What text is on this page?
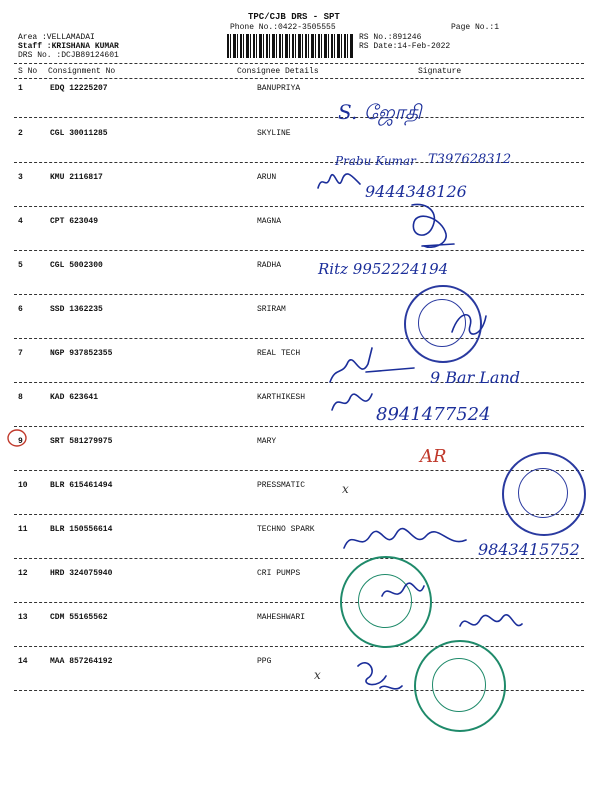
TPC/CJB DRS - SPT
Phone No.:0422-3505555	Page No.:1
Area :VELLAMADAI
Staff :KRISHANA KUMAR
DRS No. :DCJB89124601
RS No.:891246
RS Date:14-Feb-2022
S No Consignment No	Consignee Details	Signature
1	EDQ 12225207	BANUPRIYA
2	CGL 30011285	SKYLINE
3	KMU 2116817	ARUN
4	CPT 623049	MAGNA
5	CGL 5002300	RADHA
6	SSD 1362235	SRIRAM
7	NGP 937852355	REAL TECH
8	KAD 623641	KARTHIKESH
9	SRT 581279975	MARY
10	BLR 615461494	PRESSMATIC
11	BLR 150556614	TECHNO SPARK
12	HRD 324075940	CRI PUMPS
13	CDM 55165562	MAHESHWARI
14	MAA 857264192	PPG
S. ஜோதி
Prabu Kumar T397628312
9444348126
Ritz 9952224194
9 Bar Land
8941477524
AR
x
9843415752
x
